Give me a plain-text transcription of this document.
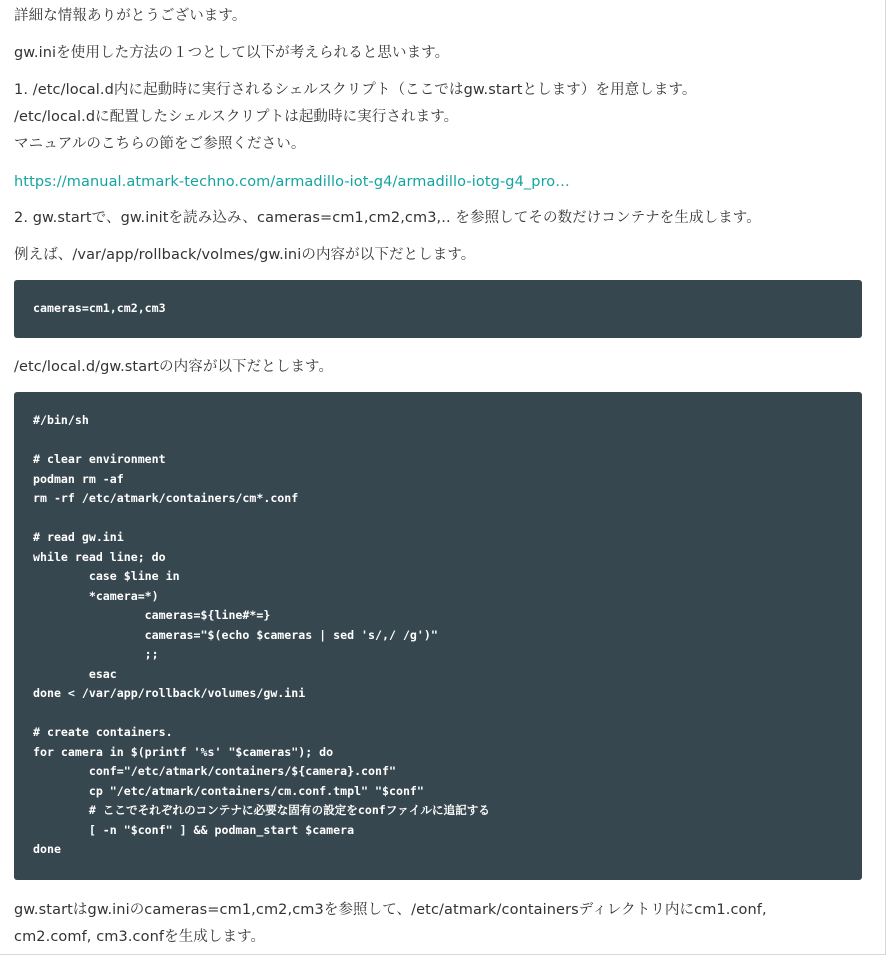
詳細な情報ありがとうございます。
gw.iniを使用した方法の１つとして以下が考えられると思います。
1. /etc/local.d内に起動時に実行されるシェルスクリプト（ここではgw.startとします）を用意します。
/etc/local.dに配置したシェルスクリプトは起動時に実行されます。
マニュアルのこちらの節をご参照ください。
https://manual.atmark-techno.com/armadillo-iot-g4/armadillo-iotg-g4_pro…
2. gw.startで、gw.initを読み込み、cameras=cm1,cm2,cm3,.. を参照してその数だけコンテナを生成します。
例えば、/var/app/rollback/volmes/gw.iniの内容が以下だとします。
cameras=cm1,cm2,cm3
/etc/local.d/gw.startの内容が以下だとします。
#/bin/sh

# clear environment
podman rm -af
rm -rf /etc/atmark/containers/cm*.conf

# read gw.ini
while read line; do
case $line in
*camera=*)
cameras=${line#*=}
cameras="$(echo $cameras | sed 's/,/ /g')"
;;
esac
done < /var/app/rollback/volumes/gw.ini

# create containers.
for camera in $(printf '%s' "$cameras"); do
conf="/etc/atmark/containers/${camera}.conf"
cp "/etc/atmark/containers/cm.conf.tmpl" "$conf"
# ここでそれぞれのコンテナに必要な固有の設定をconfファイルに追記する
[ -n "$conf" ] && podman_start $camera
done
gw.startはgw.iniのcameras=cm1,cm2,cm3を参照して、/etc/atmark/containersディレクトリ内にcm1.conf,
cm2.comf, cm3.confを生成します。
